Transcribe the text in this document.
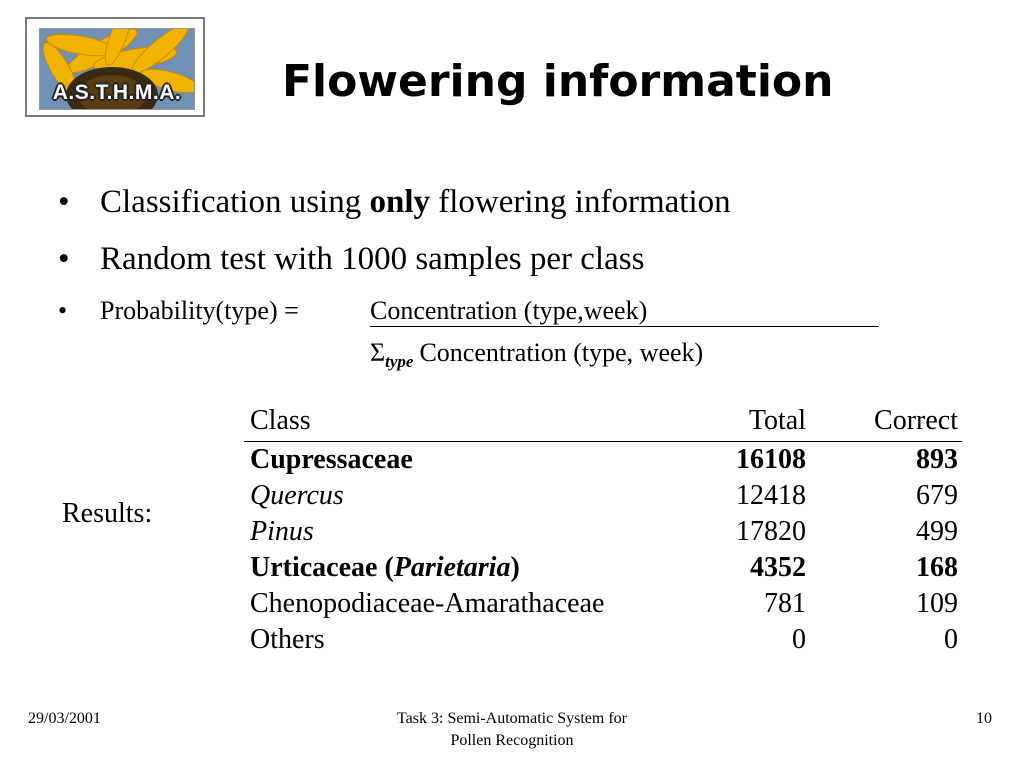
A.S.T.H.M.A. Flowering information
• Classification using only flowering information
• Random test with 1000 samples per class
• Probability(type) =	Concentration (type,week)
$\Sigma_{type}$ Concentration (type, week)
Results:
Class	Total	Correct
Cupressaceae	16108	893
Quercus	12418	679
Pinus	17820	499
Urticaceae (Parietaria)	4352	168
Chenopodiaceae-Amarathaceae	781	109
Others	0	0
29/03/2001	Task 3: Semi-Automatic System for
Pollen Recognition
10
